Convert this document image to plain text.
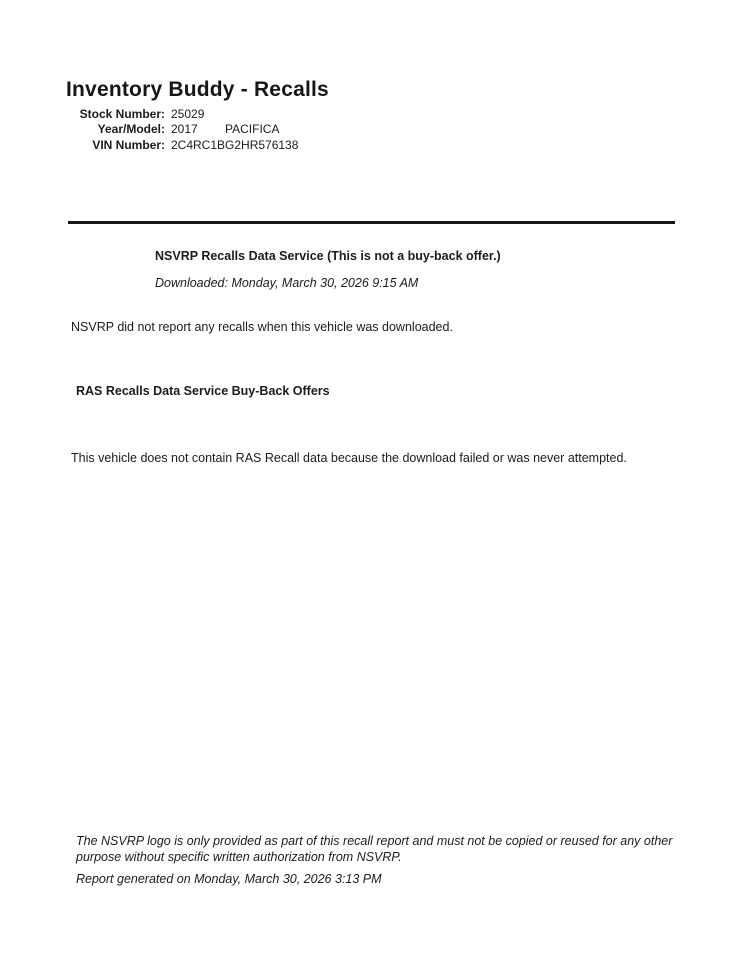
Inventory Buddy - Recalls
Stock Number: 25029
Year/Model: 2017 PACIFICA
VIN Number: 2C4RC1BG2HR576138
NSVRP Recalls Data Service (This is not a buy-back offer.)
Downloaded: Monday, March 30, 2026 9:15 AM
NSVRP did not report any recalls when this vehicle was downloaded.
RAS Recalls Data Service Buy-Back Offers
This vehicle does not contain RAS Recall data because the download failed or was never attempted.
The NSVRP logo is only provided as part of this recall report and must not be copied or reused for any other
purpose without specific written authorization from NSVRP.
Report generated on Monday, March 30, 2026 3:13 PM
